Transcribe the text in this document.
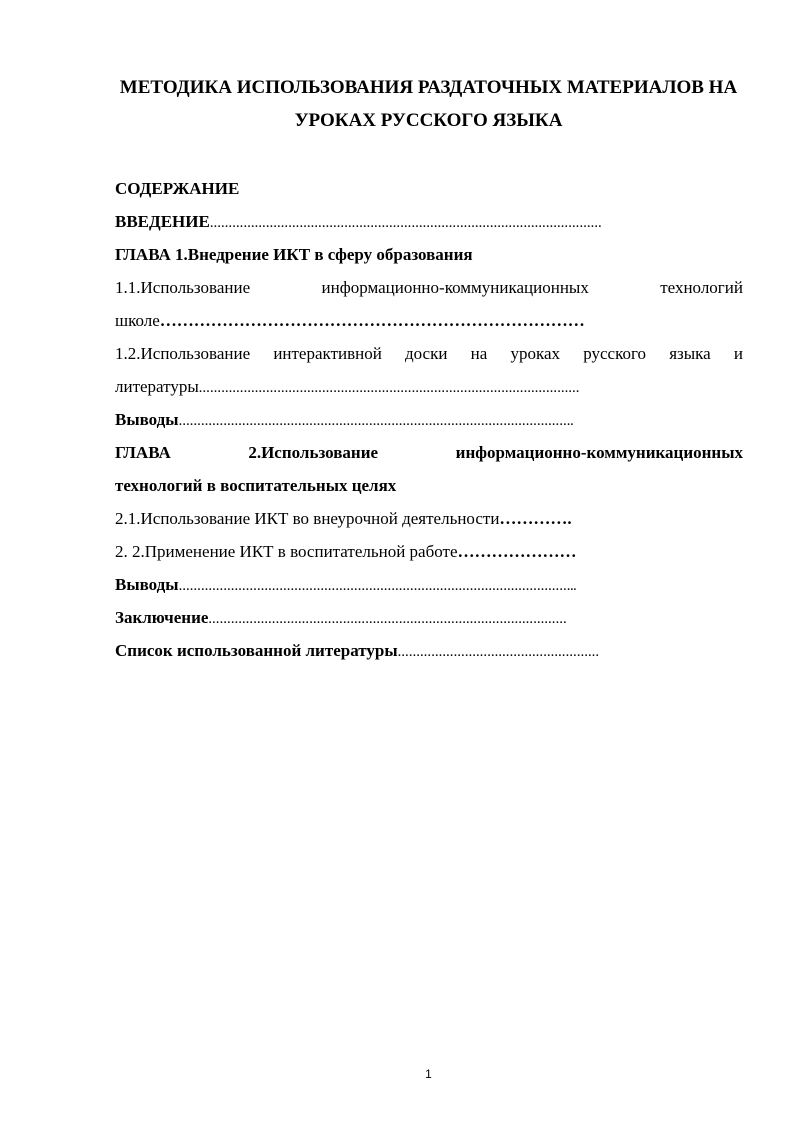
МЕТОДИКА ИСПОЛЬЗОВАНИЯ РАЗДАТОЧНЫХ МАТЕРИАЛОВ НА

УРОКАХ РУССКОГО ЯЗЫКА

СОДЕРЖАНИЕ

ВВЕДЕНИЕ……………………………………………………………………………………………

ГЛАВА 1.Внедрение ИКТ в сферу образования

1.1.Использование	информационно-коммуникационных	технологий

школе…………………………………………………………………

1.2.Использование интерактивной доски на уроках русского языка и

литературы…………………………………………………………………………………………

Выводы…………………………………………………………………………………………….

ГЛАВА	2.Использование	информационно-коммуникационных

технологий в воспитательных целях

2.1.Использование ИКТ во внеурочной деятельности………….

2. 2.Применение ИКТ в воспитательной работе…………………

Выводы……………………………………………………………………………………………..

Заключение……………………………………………………………………………………

Список использованной литературы………………………………………………

1
